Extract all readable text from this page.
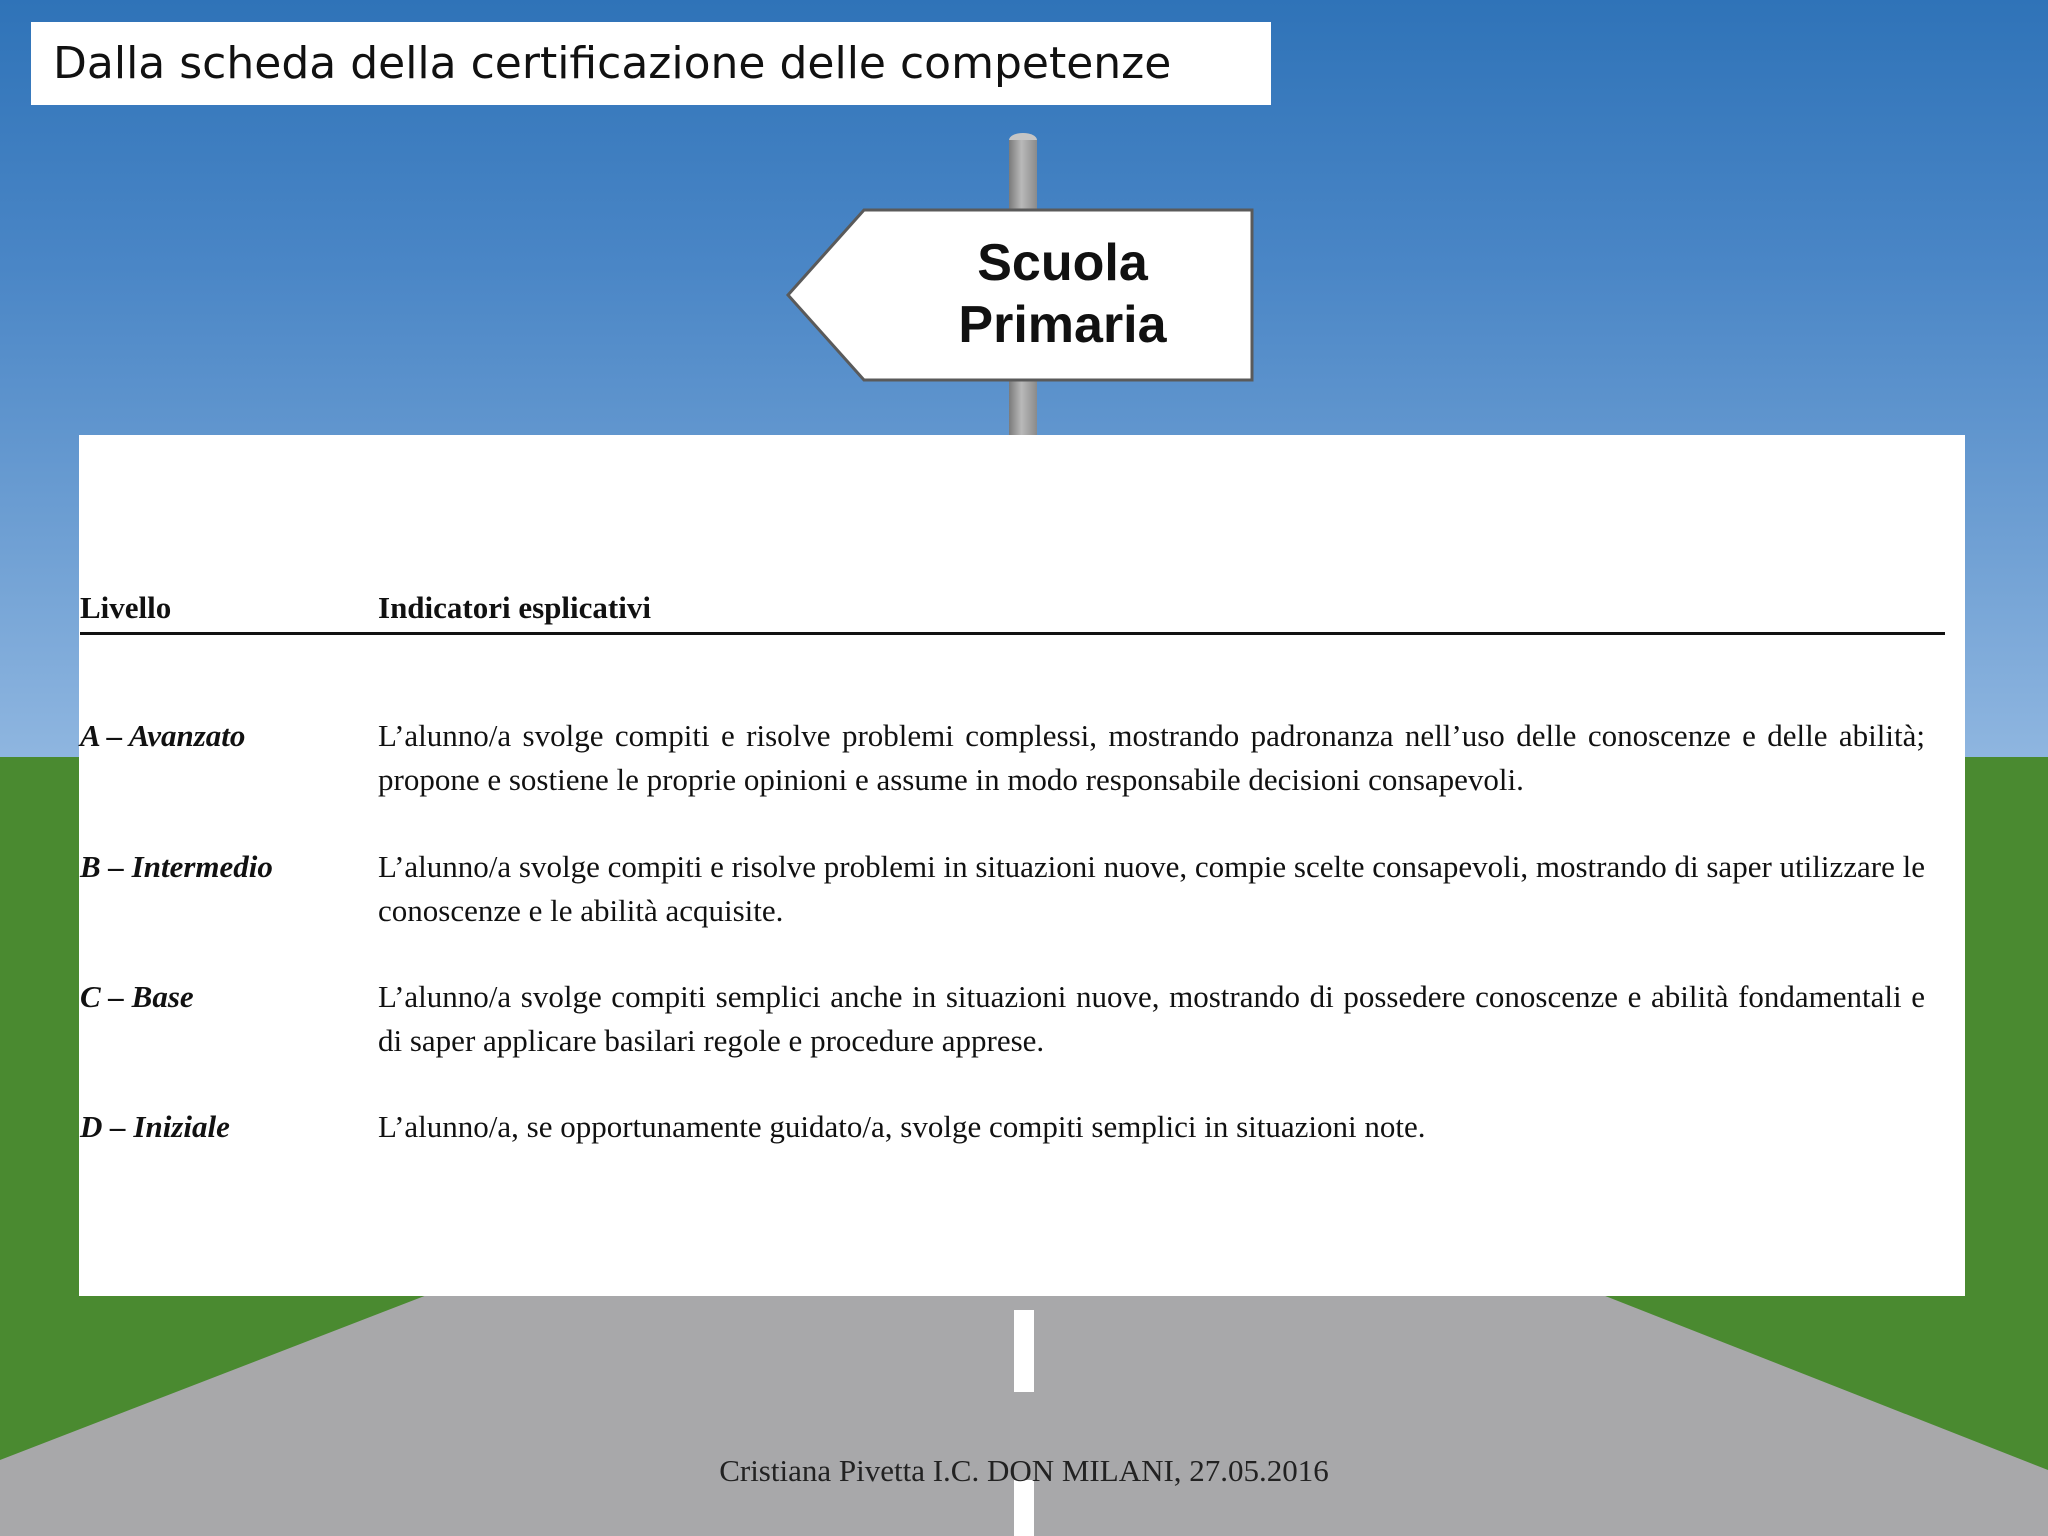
Dalla scheda della certificazione delle competenze
Scuola
Primaria
Livello	Indicatori esplicativi
A – Avanzato	L’alunno/a svolge compiti e risolve problemi complessi, mostrando padronanza nell’uso delle conoscenze e delle abilità; propone e sostiene le proprie opinioni e assume in modo responsabile decisioni consapevoli.
B – Intermedio	L’alunno/a svolge compiti e risolve problemi in situazioni nuove, compie scelte consapevoli, mostrando di saper utilizzare le conoscenze e le abilità acquisite.
C – Base	L’alunno/a svolge compiti semplici anche in situazioni nuove, mostrando di possedere conoscenze e abilità fondamentali e di saper applicare basilari regole e procedure apprese.
D – Iniziale	L’alunno/a, se opportunamente guidato/a, svolge compiti semplici in situazioni note.
Cristiana Pivetta I.C. DON MILANI, 27.05.2016
